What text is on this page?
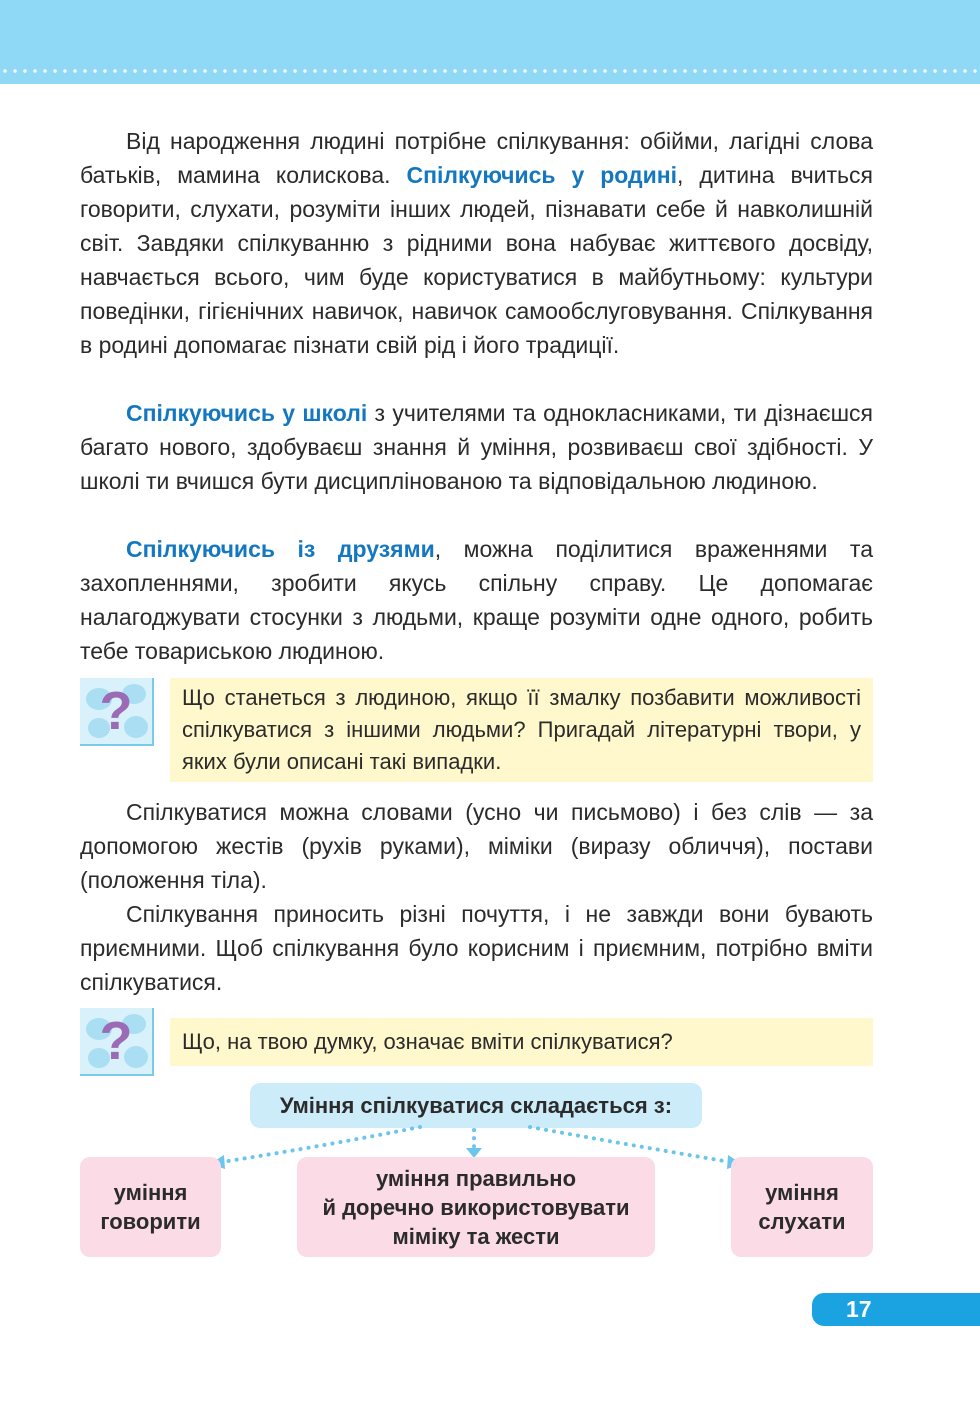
Від народження людині потрібне спілкування: обійми, лагідні слова батьків, мамина колискова. Спілкуючись у родині, дитина вчиться говорити, слухати, розуміти інших людей, пізнавати себе й навколишній світ. Завдяки спілкуванню з рідними вона набуває життєвого досвіду, навчається всього, чим буде користуватися в майбутньому: культури поведінки, гігієнічних навичок, навичок самообслуговування. Спілкування в родині допомагає пізнати свій рід і його традиції.

Спілкуючись у школі з учителями та однокласниками, ти дізнаєшся багато нового, здобуваєш знання й уміння, розвиваєш свої здібності. У школі ти вчишся бути дисциплінованою та відповідальною людиною.

Спілкуючись із друзями, можна поділитися враженнями та захопленнями, зробити якусь спільну справу. Це допомагає налагоджувати стосунки з людьми, краще розуміти одне одного, робить тебе товариською людиною.

?	Що станеться з людиною, якщо її змалку позбавити можливості спілкуватися з іншими людьми? Пригадай літературні твори, у яких були описані такі випадки.

Спілкуватися можна словами (усно чи письмово) і без слів — за допомогою жестів (рухів руками), міміки (виразу обличчя), постави (положення тіла).

Спілкування приносить різні почуття, і не завжди вони бувають приємними. Щоб спілкування було корисним і приємним, потрібно вміти спілкуватися.

?	Що, на твою думку, означає вміти спілкуватися?
Уміння спілкуватися складається з:
уміння
говорити
уміння правильно
й доречно використовувати
міміку та жести
уміння
слухати
17
